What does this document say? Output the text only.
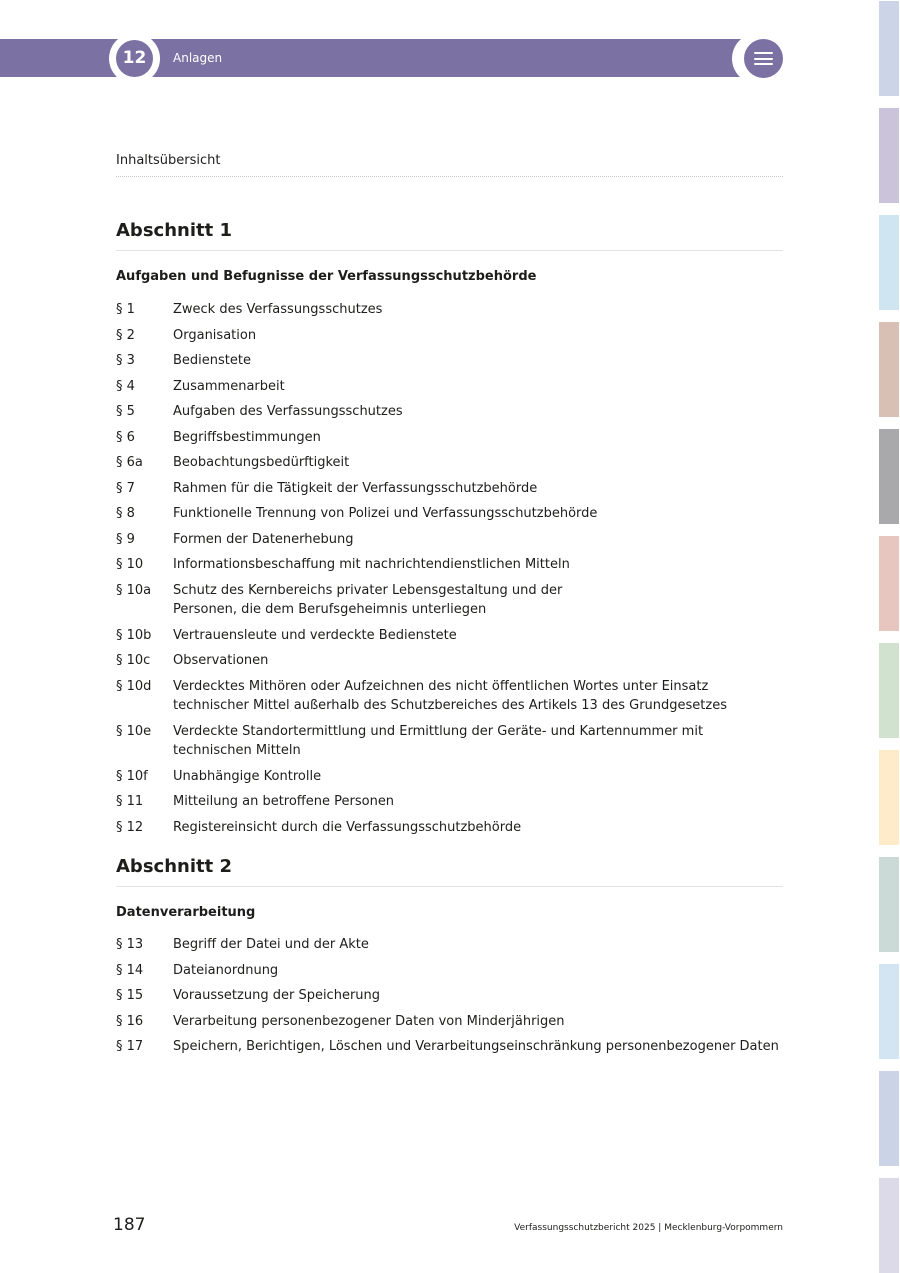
12	Anlagen
Inhaltsübersicht
Abschnitt 1
Aufgaben und Befugnisse der Verfassungsschutzbehörde
§ 1	Zweck des Verfassungsschutzes
§ 2	Organisation
§ 3	Bedienstete
§ 4	Zusammenarbeit
§ 5	Aufgaben des Verfassungsschutzes
§ 6	Begriffsbestimmungen
§ 6a	Beobachtungsbedürftigkeit
§ 7	Rahmen für die Tätigkeit der Verfassungsschutzbehörde
§ 8	Funktionelle Trennung von Polizei und Verfassungsschutzbehörde
§ 9	Formen der Datenerhebung
§ 10	Informationsbeschaffung mit nachrichtendienstlichen Mitteln
§ 10a	Schutz des Kernbereichs privater Lebensgestaltung und der
Personen, die dem Berufsgeheimnis unterliegen
§ 10b	Vertrauensleute und verdeckte Bedienstete
§ 10c	Observationen
§ 10d	Verdecktes Mithören oder Aufzeichnen des nicht öffentlichen Wortes unter Einsatz
technischer Mittel außerhalb des Schutzbereiches des Artikels 13 des Grundgesetzes
§ 10e	Verdeckte Standortermittlung und Ermittlung der Geräte- und Kartennummer mit technischen Mitteln
§ 10f	Unabhängige Kontrolle
§ 11	Mitteilung an betroffene Personen
§ 12	Registereinsicht durch die Verfassungsschutzbehörde
Abschnitt 2
Datenverarbeitung
§ 13	Begriff der Datei und der Akte
§ 14	Dateianordnung
§ 15	Voraussetzung der Speicherung
§ 16	Verarbeitung personenbezogener Daten von Minderjährigen
§ 17	Speichern, Berichtigen, Löschen und Verarbeitungseinschränkung personenbezogener Daten
187	Verfassungsschutzbericht 2025 | Mecklenburg-Vorpommern
